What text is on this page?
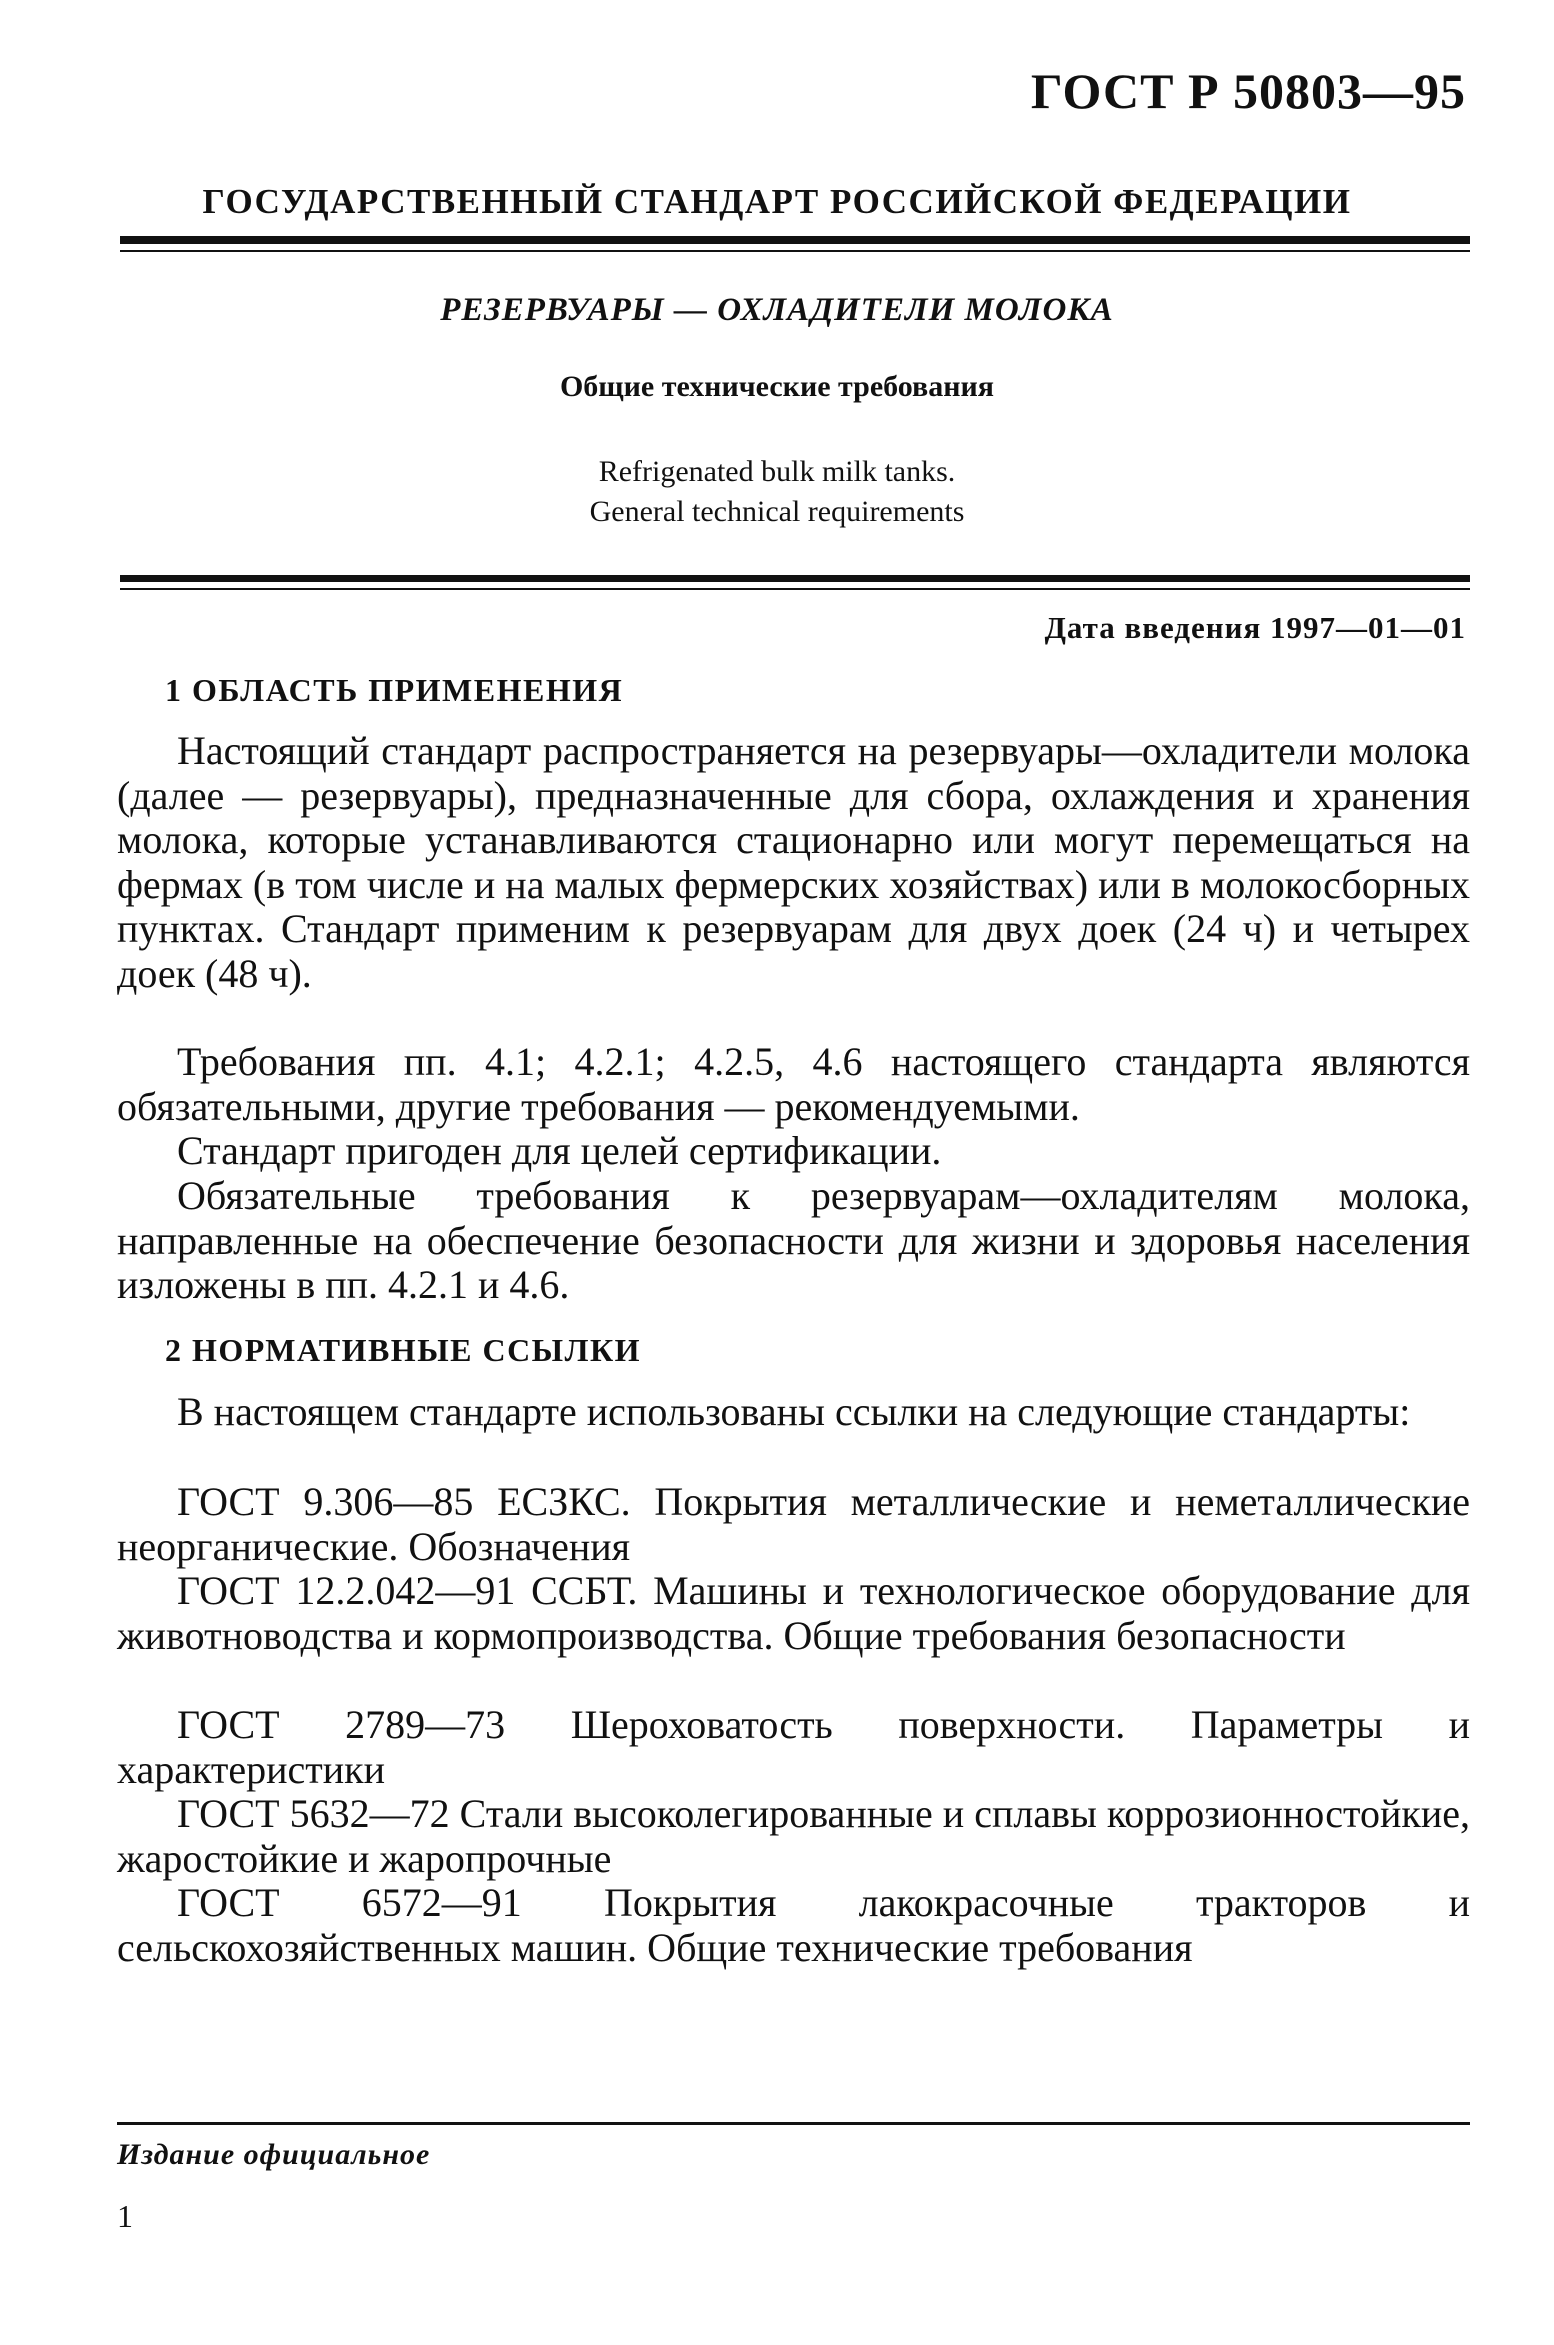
ГОСТ Р 50803—95
ГОСУДАРСТВЕННЫЙ СТАНДАРТ РОССИЙСКОЙ ФЕДЕРАЦИИ
РЕЗЕРВУАРЫ — ОХЛАДИТЕЛИ МОЛОКА
Общие технические требования
Refrigenated bulk milk tanks.
General technical requirements
Дата введения 1997—01—01
1 ОБЛАСТЬ ПРИМЕНЕНИЯ
Настоящий стандарт распространяется на резервуары—охладители молока (далее — резервуары), предназначенные для сбора, охлаждения и хранения молока, которые устанавливаются стационарно или могут перемещаться на фермах (в том числе и на малых фермерских хозяйствах) или в молокосборных пунктах. Стандарт применим к резервуарам для двух доек (24 ч) и четырех доек (48 ч).
Требования пп. 4.1; 4.2.1; 4.2.5, 4.6 настоящего стандарта являются обязательными, другие требования — рекомендуемыми.
Стандарт пригоден для целей сертификации.
Обязательные требования к резервуарам—охладителям молока, направленные на обеспечение безопасности для жизни и здоровья населения изложены в пп. 4.2.1 и 4.6.
2 НОРМАТИВНЫЕ ССЫЛКИ
В настоящем стандарте использованы ссылки на следующие стандарты:
ГОСТ 9.306—85 ЕСЗКС. Покрытия металлические и неметаллические неорганические. Обозначения
ГОСТ 12.2.042—91 ССБТ. Машины и технологическое оборудование для животноводства и кормопроизводства. Общие требования безопасности
ГОСТ 2789—73 Шероховатость поверхности. Параметры и характеристики
ГОСТ 5632—72 Стали высоколегированные и сплавы коррозионностойкие, жаростойкие и жаропрочные
ГОСТ 6572—91 Покрытия лакокрасочные тракторов и сельскохозяйственных машин. Общие технические требования
Издание официальное
1
